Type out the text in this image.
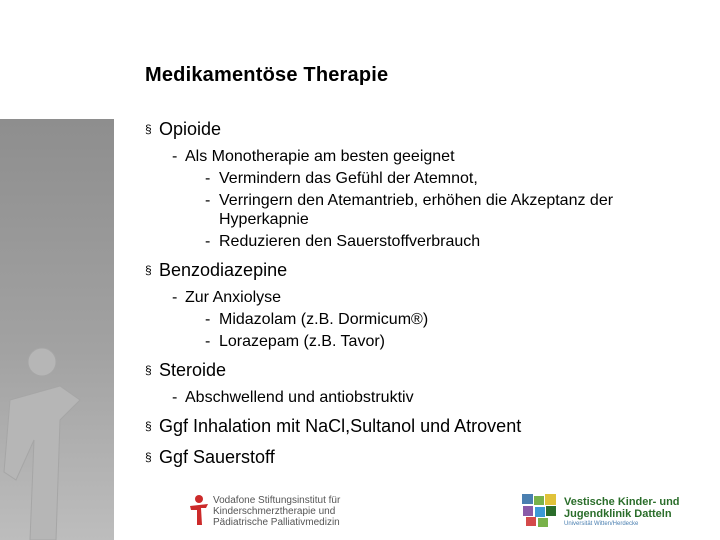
Medikamentöse Therapie
§ Opioide
- Als Monotherapie am besten geeignet
- Vermindern das Gefühl der Atemnot,
- Verringern den Atemantrieb, erhöhen die Akzeptanz der Hyperkapnie
- Reduzieren den Sauerstoffverbrauch
§ Benzodiazepine
- Zur Anxiolyse
- Midazolam (z.B. Dormicum®)
- Lorazepam (z.B. Tavor)
§ Steroide
- Abschwellend und antiobstruktiv
§ Ggf Inhalation mit NaCl,Sultanol und Atrovent
§ Ggf Sauerstoff
Vodafone Stiftungsinstitut für Kinderschmerztherapie und Pädiatrische Palliativmedizin
Vestische Kinder- und Jugendklinik Datteln
Universität Witten/Herdecke
